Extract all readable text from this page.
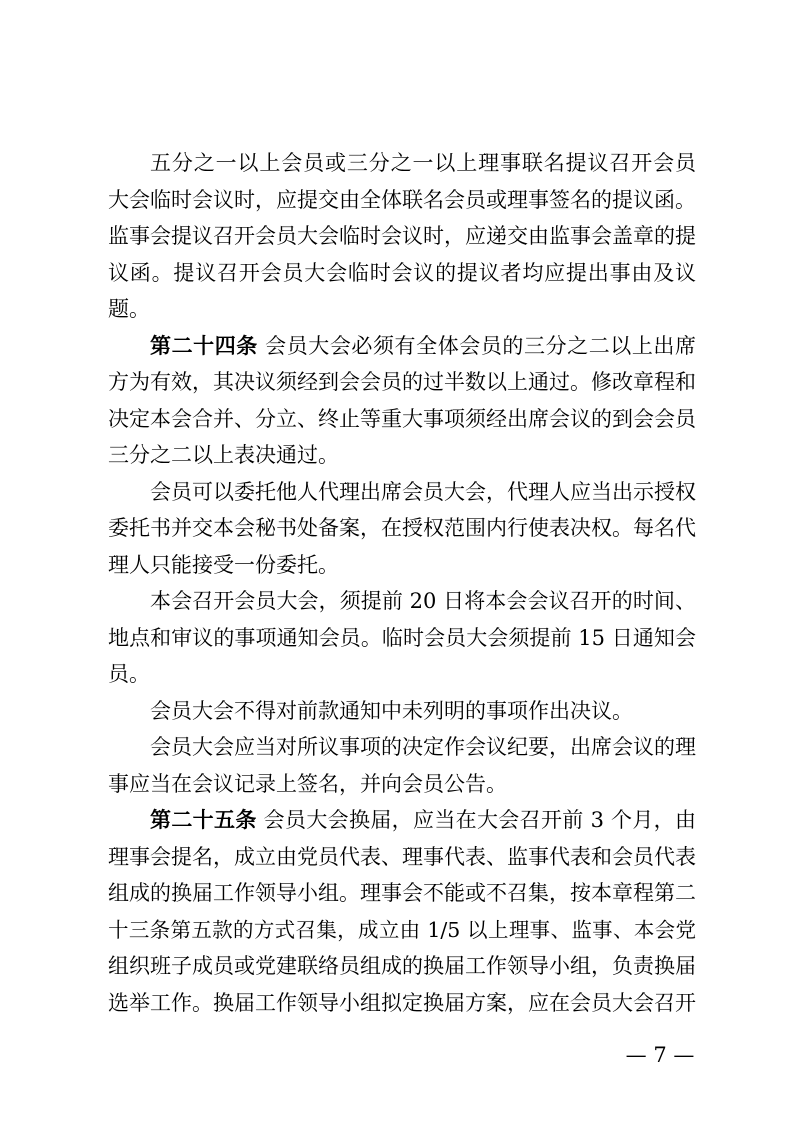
五分之一以上会员或三分之一以上理事联名提议召开会员
大会临时会议时，应提交由全体联名会员或理事签名的提议函。
监事会提议召开会员大会临时会议时，应递交由监事会盖章的提
议函。提议召开会员大会临时会议的提议者均应提出事由及议
题。
第二十四条 会员大会必须有全体会员的三分之二以上出席
方为有效，其决议须经到会会员的过半数以上通过。修改章程和
决定本会合并、分立、终止等重大事项须经出席会议的到会会员
三分之二以上表决通过。
会员可以委托他人代理出席会员大会，代理人应当出示授权
委托书并交本会秘书处备案，在授权范围内行使表决权。每名代
理人只能接受一份委托。
本会召开会员大会，须提前 20 日将本会会议召开的时间、
地点和审议的事项通知会员。临时会员大会须提前 15 日通知会
员。
会员大会不得对前款通知中未列明的事项作出决议。
会员大会应当对所议事项的决定作会议纪要，出席会议的理
事应当在会议记录上签名，并向会员公告。
第二十五条 会员大会换届，应当在大会召开前 3 个月，由
理事会提名，成立由党员代表、理事代表、监事代表和会员代表
组成的换届工作领导小组。理事会不能或不召集，按本章程第二
十三条第五款的方式召集，成立由 1/5 以上理事、监事、本会党
组织班子成员或党建联络员组成的换届工作领导小组，负责换届
选举工作。换届工作领导小组拟定换届方案，应在会员大会召开
— 7 —
